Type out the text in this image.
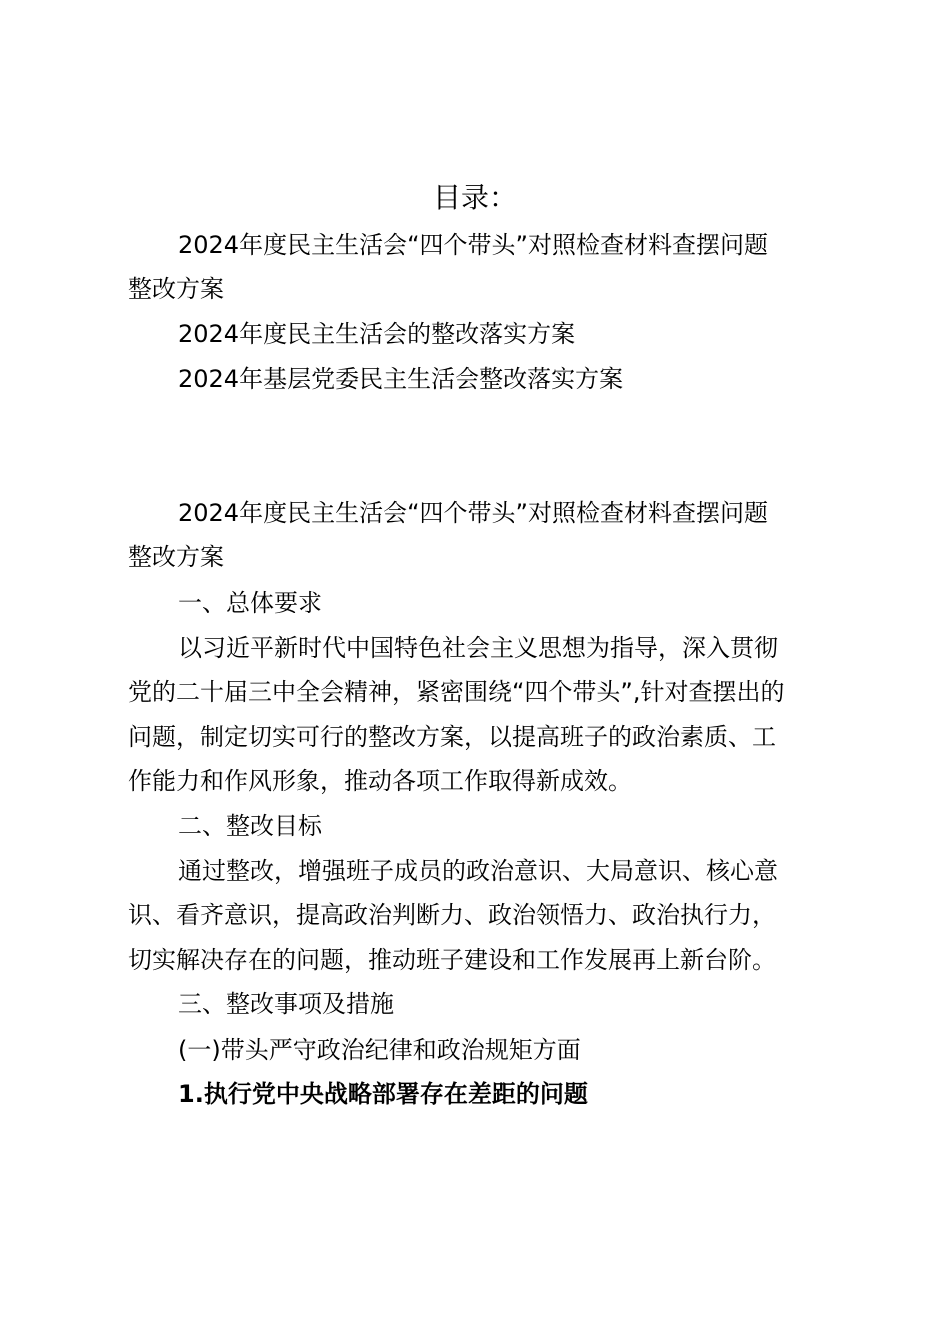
目录：
2024年度民主生活会“四个带头”对照检查材料查摆问题
整改方案
2024年度民主生活会的整改落实方案
2024年基层党委民主生活会整改落实方案
2024年度民主生活会“四个带头”对照检查材料查摆问题
整改方案
一、总体要求
以习近平新时代中国特色社会主义思想为指导，深入贯彻
党的二十届三中全会精神，紧密围绕“四个带头”,针对查摆出的
问题，制定切实可行的整改方案，以提高班子的政治素质、工
作能力和作风形象，推动各项工作取得新成效。
二、整改目标
通过整改，增强班子成员的政治意识、大局意识、核心意
识、看齐意识，提高政治判断力、政治领悟力、政治执行力，
切实解决存在的问题，推动班子建设和工作发展再上新台阶。
三、整改事项及措施
(一)带头严守政治纪律和政治规矩方面
1.执行党中央战略部署存在差距的问题
